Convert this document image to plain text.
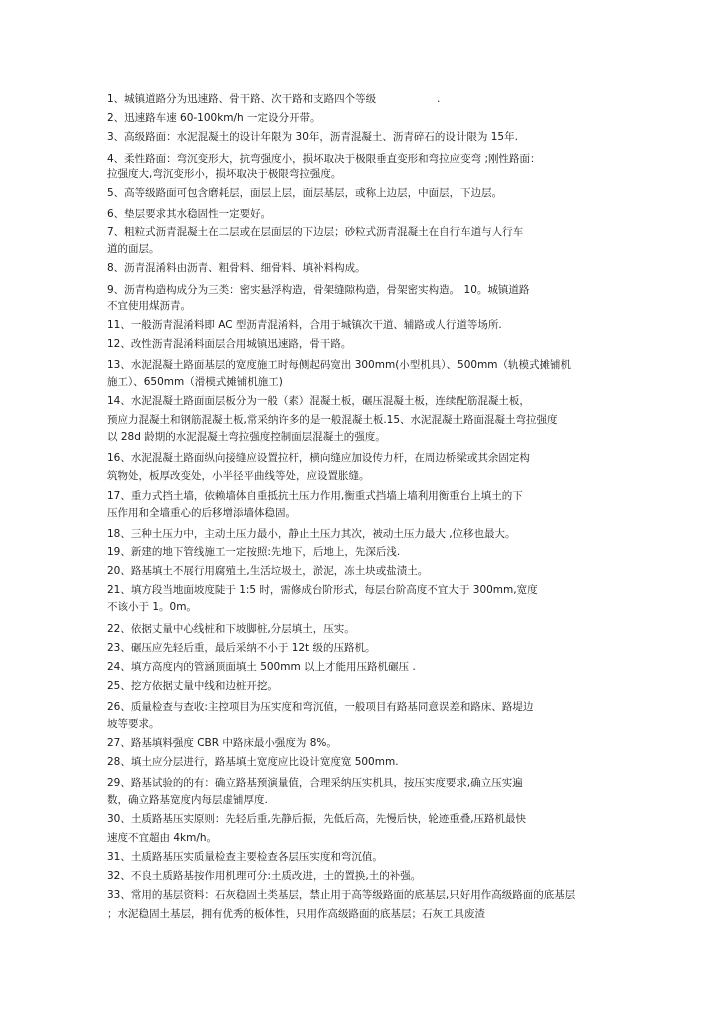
1、城镇道路分为迅速路、骨干路、次干路和支路四个等级	.
2、迅速路车速 60-100km/h 一定设分开带。
3、高级路面：水泥混凝土的设计年限为 30年，沥青混凝土、沥青碎石的设计限为 15年.
4、柔性路面：弯沉变形大，抗弯强度小，损坏取决于极限垂直变形和弯拉应变弯 ;刚性路面：
拉强度大,弯沉变形小，损坏取决于极限弯拉强度。
5、高等级路面可包含磨耗层，面层上层，面层基层，或称上边层，中面层，下边层。
6、垫层要求其水稳固性一定要好。
7、粗粒式沥青混凝土在二层或在层面层的下边层；砂粒式沥青混凝土在自行车道与人行车
道的面层。
8、沥青混淆料由沥青、粗骨料、细骨料、填补料构成。
9、沥青构造构成分为三类：密实悬浮构造，骨架缝隙构造，骨架密实构造。 10。城镇道路
不宜使用煤沥青。
11、一般沥青混淆料即 AC 型沥青混淆料，合用于城镇次干道、辅路或人行道等场所.
12、改性沥青混淆料面层合用城镇迅速路，骨干路。
13、水泥混凝土路面基层的宽度施工时每侧起码宽出 300mm(小型机具）、500mm（轨模式摊铺机
施工）、650mm（滑模式摊铺机施工)
14、水泥混凝土路面面层板分为一般（素）混凝土板，碾压混凝土板，连续配筋混凝土板，
预应力混凝土和钢筋混凝土板,常采纳许多的是一般混凝土板.15、水泥混凝土路面混凝土弯拉强度
以 28d 龄期的水泥混凝土弯拉强度控制面层混凝土的强度。
16、水泥混凝土路面纵向接缝应设置拉杆，横向缝应加设传力杆，在周边桥梁或其余固定构
筑物处，板厚改变处，小半径平曲线等处，应设置胀缝。
17、重力式挡土墙，依赖墙体自重抵抗土压力作用,衡重式挡墙上墙利用衡重台上填土的下
压作用和全墙重心的后移增添墙体稳固。
18、三种土压力中，主动土压力最小，静止土压力其次，被动土压力最大 ,位移也最大。
19、新建的地下管线施工一定按照:先地下，后地上，先深后浅.
20、路基填土不展行用腐殖土,生活垃圾土，淤泥，冻土块或盐渍土。
21、填方段当地面坡度陡于 1:5 时，需修成台阶形式，每层台阶高度不宜大于 300mm,宽度
不该小于 1。0m。
22、依据丈量中心线桩和下坡脚桩,分层填土，压实。
23、碾压应先轻后重，最后采纳不小于 12t 级的压路机。
24、填方高度内的管涵顶面填土 500mm 以上才能用压路机碾压 .
25、挖方依据丈量中线和边桩开挖。
26、质量检查与查收:主控项目为压实度和弯沉值，一般项目有路基同意误差和路床、路堤边
坡等要求。
27、路基填料强度 CBR 中路床最小强度为 8%。
28、填土应分层进行，路基填土宽度应比设计宽度宽 500mm.
29、路基试验的的有：确立路基预演量值，合理采纳压实机具，按压实度要求,确立压实遍
数，确立路基宽度内每层虚铺厚度.
30、土质路基压实原则：先轻后重,先静后振，先低后高，先慢后快，轮迹重叠,压路机最快
速度不宜超由 4km/h。
31、土质路基压实质量检查主要检查各层压实度和弯沉值。
32、不良土质路基按作用机理可分:土质改进，土的置换,土的补强。
33、常用的基层资料：石灰稳固土类基层，禁止用于高等级路面的底基层,只好用作高级路面的底基层
；水泥稳固土基层，拥有优秀的板体性，只用作高级路面的底基层；石灰工具废渣
